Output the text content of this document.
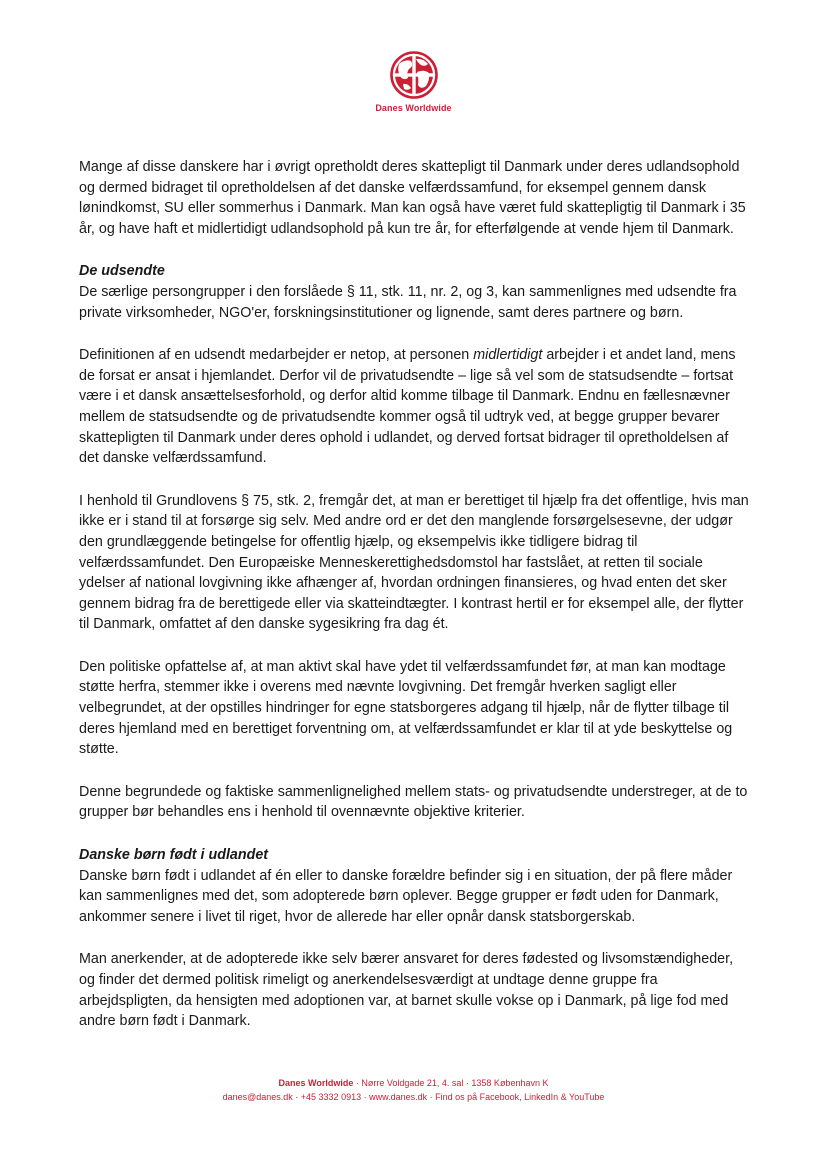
Danes Worldwide

Mange af disse danskere har i øvrigt opretholdt deres skattepligt til Danmark under deres udlandsophold og dermed bidraget til opretholdelsen af det danske velfærdssamfund, for eksempel gennem dansk lønindkomst, SU eller sommerhus i Danmark. Man kan også have været fuld skattepligtig til Danmark i 35 år, og have haft et midlertidigt udlandsophold på kun tre år, for efterfølgende at vende hjem til Danmark.

De udsendte

De særlige persongrupper i den forslåede § 11, stk. 11, nr. 2, og 3, kan sammenlignes med udsendte fra private virksomheder, NGO'er, forskningsinstitutioner og lignende, samt deres partnere og børn.

Definitionen af en udsendt medarbejder er netop, at personen midlertidigt arbejder i et andet land, mens de forsat er ansat i hjemlandet. Derfor vil de privatudsendte – lige så vel som de statsudsendte – fortsat være i et dansk ansættelsesforhold, og derfor altid komme tilbage til Danmark. Endnu en fællesnævner mellem de statsudsendte og de privatudsendte kommer også til udtryk ved, at begge grupper bevarer skattepligten til Danmark under deres ophold i udlandet, og derved fortsat bidrager til opretholdelsen af det danske velfærdssamfund.

I henhold til Grundlovens § 75, stk. 2, fremgår det, at man er berettiget til hjælp fra det offentlige, hvis man ikke er i stand til at forsørge sig selv. Med andre ord er det den manglende forsørgelsesevne, der udgør den grundlæggende betingelse for offentlig hjælp, og eksempelvis ikke tidligere bidrag til velfærdssamfundet. Den Europæiske Menneskerettighedsdomstol har fastslået, at retten til sociale ydelser af national lovgivning ikke afhænger af, hvordan ordningen finansieres, og hvad enten det sker gennem bidrag fra de berettigede eller via skatteindtægter. I kontrast hertil er for eksempel alle, der flytter til Danmark, omfattet af den danske sygesikring fra dag ét.

Den politiske opfattelse af, at man aktivt skal have ydet til velfærdssamfundet før, at man kan modtage støtte herfra, stemmer ikke i overens med nævnte lovgivning. Det fremgår hverken sagligt eller velbegrundet, at der opstilles hindringer for egne statsborgeres adgang til hjælp, når de flytter tilbage til deres hjemland med en berettiget forventning om, at velfærdssamfundet er klar til at yde beskyttelse og støtte.

Denne begrundede og faktiske sammenlignelighed mellem stats- og privatudsendte understreger, at de to grupper bør behandles ens i henhold til ovennævnte objektive kriterier.

Danske børn født i udlandet

Danske børn født i udlandet af én eller to danske forældre befinder sig i en situation, der på flere måder kan sammenlignes med det, som adopterede børn oplever. Begge grupper er født uden for Danmark, ankommer senere i livet til riget, hvor de allerede har eller opnår dansk statsborgerskab.

Man anerkender, at de adopterede ikke selv bærer ansvaret for deres fødested og livsomstændigheder, og finder det dermed politisk rimeligt og anerkendelsesværdigt at undtage denne gruppe fra arbejdspligten, da hensigten med adoptionen var, at barnet skulle vokse op i Danmark, på lige fod med andre børn født i Danmark.

Danes Worldwide · Nørre Voldgade 21, 4. sal · 1358 København K
danes@danes.dk · +45 3332 0913 · www.danes.dk · Find os på Facebook, LinkedIn & YouTube
